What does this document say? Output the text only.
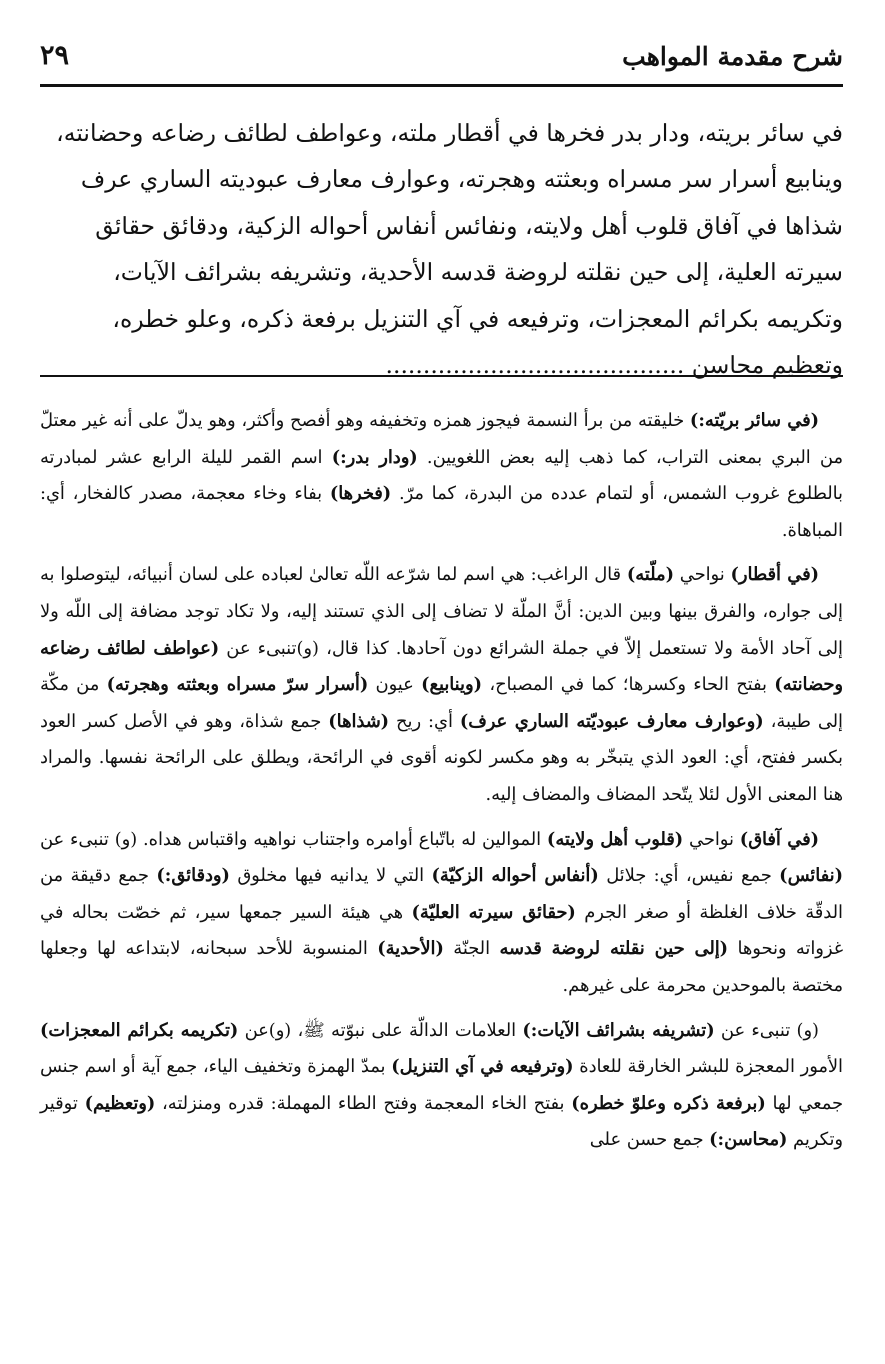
شرح مقدمة المواهب
٢٩
في سائر بريته، ودار بدر فخرها في أقطار ملته، وعواطف لطائف رضاعه وحضانته،
وينابيع أسرار سر مسراه وبعثته وهجرته، وعوارف معارف عبوديته الساري عرف
شذاها في آفاق قلوب أهل ولايته، ونفائس أنفاس أحواله الزكية، ودقائق حقائق
سيرته العلية، إلى حين نقلته لروضة قدسه الأحدية، وتشريفه بشرائف الآيات،
وتكريمه بكرائم المعجزات، وترفيعه في آي التنزيل برفعة ذكره، وعلو خطره،
وتعظيم محاسن ........................................

(في سائر بريّته:) خليقته من برأ النسمة فيجوز همزه وتخفيفه وهو أفصح وأكثر، وهو يدلّ على أنه غير معتلّ من البري بمعنى التراب، كما ذهب إليه بعض اللغويين. (ودار بدر:) اسم القمر لليلة الرابع عشر لمبادرته بالطلوع غروب الشمس، أو لتمام عدده من البدرة، كما مرّ. (فخرها) بفاء وخاء معجمة، مصدر كالفخار، أي: المباهاة.

(في أقطار) نواحي (ملّته) قال الراغب: هي اسم لما شرّعه اللّه تعالىٰ لعباده على لسان أنبيائه، ليتوصلوا به إلى جواره، والفرق بينها وبين الدين: أنَّ الملّة لا تضاف إلى الذي تستند إليه، ولا تكاد توجد مضافة إلى اللّه ولا إلى آحاد الأمة ولا تستعمل إلاّ في جملة الشرائع دون آحادها. كذا قال، (و)تنبىء عن (عواطف لطائف رضاعه وحضانته) بفتح الحاء وكسرها؛ كما في المصباح، (وينابيع) عيون (أسرار سرّ مسراه وبعثته وهجرته) من مكّة إلى طيبة، (وعوارف معارف عبوديّته الساري عرف) أي: ريح (شذاها) جمع شذاة، وهو في الأصل كسر العود بكسر ففتح، أي: العود الذي يتبخّر به وهو مكسر لكونه أقوى في الرائحة، ويطلق على الرائحة نفسها. والمراد هنا المعنى الأول لئلا يتّحد المضاف والمضاف إليه.

(في آفاق) نواحي (قلوب أهل ولايته) الموالين له باتّباع أوامره واجتناب نواهيه واقتباس هداه. (و) تنبىء عن (نفائس) جمع نفيس، أي: جلائل (أنفاس أحواله الزكيّة) التي لا يدانيه فيها مخلوق (ودقائق:) جمع دقيقة من الدقّة خلاف الغلظة أو صغر الجرم (حقائق سيرته العليّة) هي هيئة السير جمعها سير، ثم خصّت بحاله في غزواته ونحوها (إلى حين نقلته لروضة قدسه الجنّة (الأحدية) المنسوبة للأحد سبحانه، لابتداعه لها وجعلها مختصة بالموحدين محرمة على غيرهم.

(و) تنبىء عن (تشريفه بشرائف الآيات:) العلامات الدالّة على نبوّته ﷺ، (و)عن (تكريمه بكرائم المعجزات) الأمور المعجزة للبشر الخارقة للعادة (وترفيعه في آي التنزيل) بمدّ الهمزة وتخفيف الياء، جمع آية أو اسم جنس جمعي لها (برفعة ذكره وعلوّ خطره) بفتح الخاء المعجمة وفتح الطاء المهملة: قدره ومنزلته، (وتعظيم) توقير وتكريم (محاسن:) جمع حسن على
